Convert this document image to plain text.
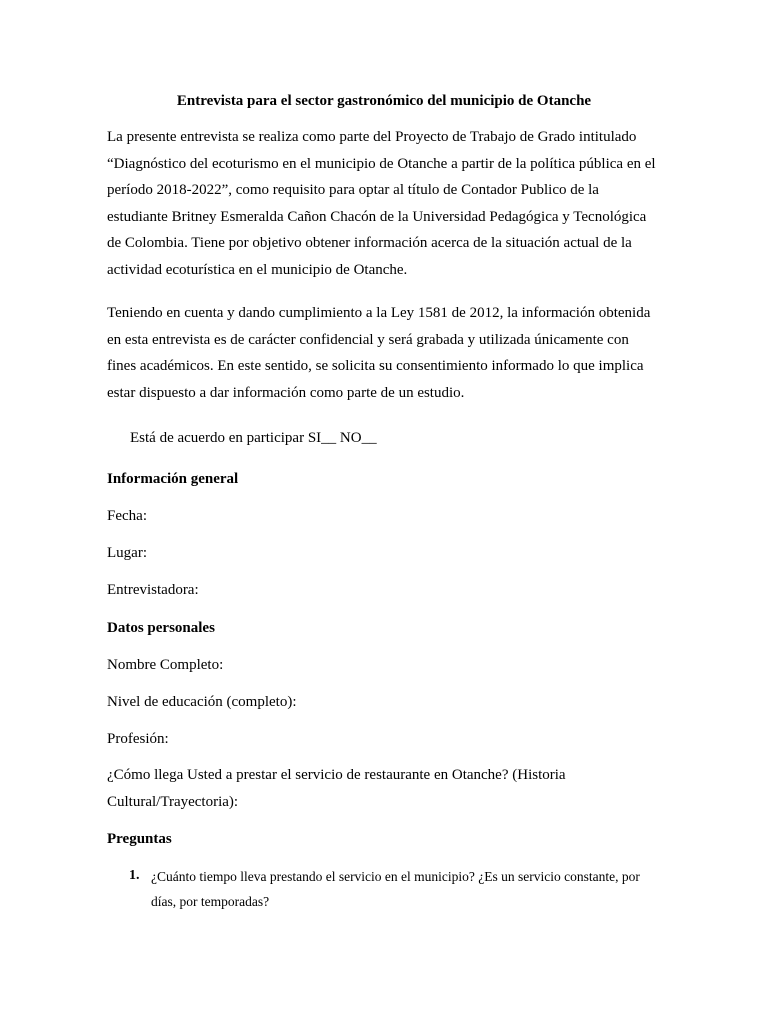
Entrevista para el sector gastronómico del municipio de Otanche
La presente entrevista se realiza como parte del Proyecto de Trabajo de Grado intitulado
“Diagnóstico del ecoturismo en el municipio de Otanche a partir de la política pública en el
período 2018-2022”, como requisito para optar al título de Contador Publico de la
estudiante Britney Esmeralda Cañon Chacón de la Universidad Pedagógica y Tecnológica
de Colombia. Tiene por objetivo obtener información acerca de la situación actual de la
actividad ecoturística en el municipio de Otanche.
Teniendo en cuenta y dando cumplimiento a la Ley 1581 de 2012, la información obtenida
en esta entrevista es de carácter confidencial y será grabada y utilizada únicamente con
fines académicos. En este sentido, se solicita su consentimiento informado lo que implica
estar dispuesto a dar información como parte de un estudio.
Está de acuerdo en participar SI__ NO__
Información general
Fecha:
Lugar:
Entrevistadora:
Datos personales
Nombre Completo:
Nivel de educación (completo):
Profesión:
¿Cómo llega Usted a prestar el servicio de restaurante en Otanche? (Historia
Cultural/Trayectoria):
Preguntas
1. ¿Cuánto tiempo lleva prestando el servicio en el municipio? ¿Es un servicio constante, por
días, por temporadas?
